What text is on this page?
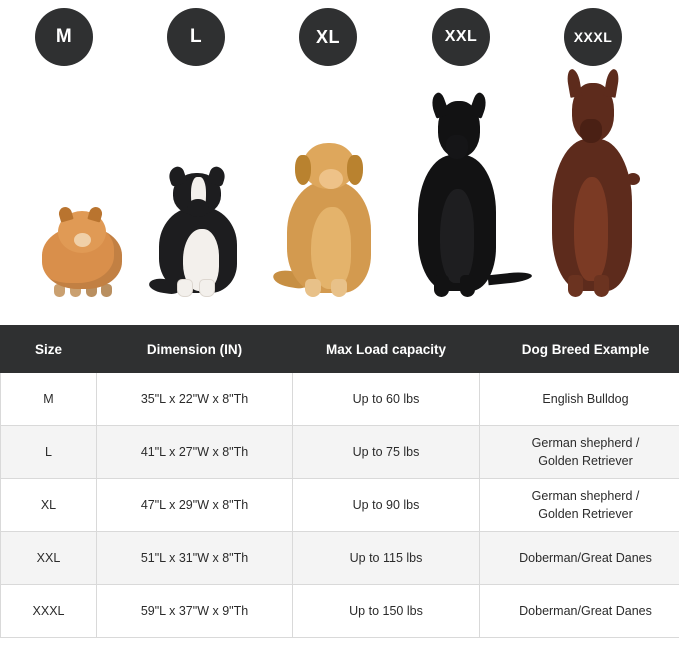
M	L	XL	XXL	XXXL
Size	Dimension (IN)	Max Load capacity	Dog Breed Example
M	35"L x 22"W x 8"Th	Up to 60 lbs	English Bulldog

L	41"L x 27"W x 8"Th	Up to 75 lbs	German shepherd /
Golden Retriever

XL	47"L x 29"W x 8"Th	Up to 90 lbs	German shepherd /
Golden Retriever

XXL	51"L x 31"W x 8"Th	Up to 115 lbs	Doberman/Great Danes

XXXL	59"L x 37"W x 9"Th	Up to 150 lbs	Doberman/Great Danes
